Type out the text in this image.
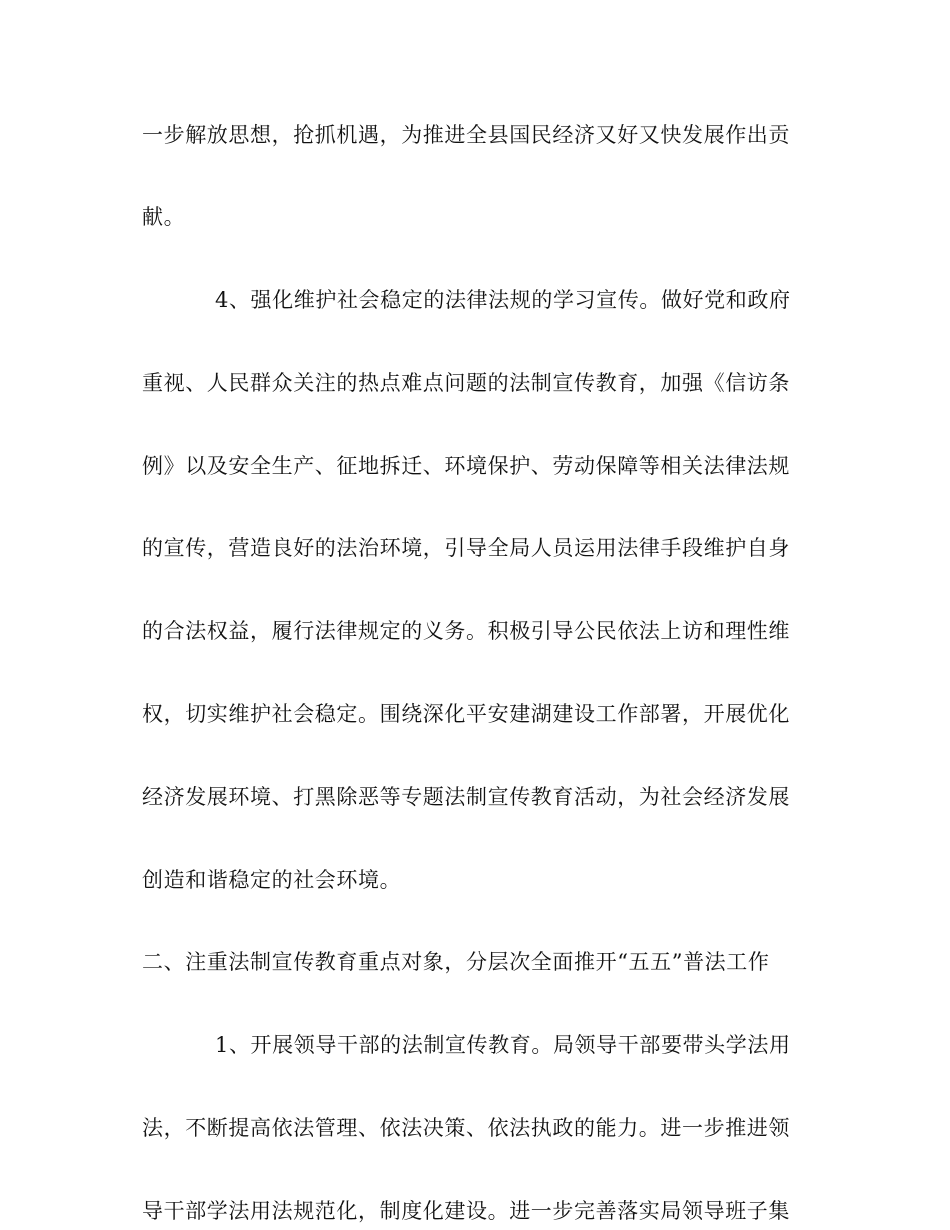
一步解放思想，抢抓机遇，为推进全县国民经济又好又快发展作出贡

献。

4、强化维护社会稳定的法律法规的学习宣传。做好党和政府

重视、人民群众关注的热点难点问题的法制宣传教育，加强《信访条

例》以及安全生产、征地拆迁、环境保护、劳动保障等相关法律法规

的宣传，营造良好的法治环境，引导全局人员运用法律手段维护自身

的合法权益，履行法律规定的义务。积极引导公民依法上访和理性维

权，切实维护社会稳定。围绕深化平安建湖建设工作部署，开展优化

经济发展环境、打黑除恶等专题法制宣传教育活动，为社会经济发展

创造和谐稳定的社会环境。

二、注重法制宣传教育重点对象，分层次全面推开“五五”普法工作

1、开展领导干部的法制宣传教育。局领导干部要带头学法用

法，不断提高依法管理、依法决策、依法执政的能力。进一步推进领

导干部学法用法规范化，制度化建设。进一步完善落实局领导班子集
